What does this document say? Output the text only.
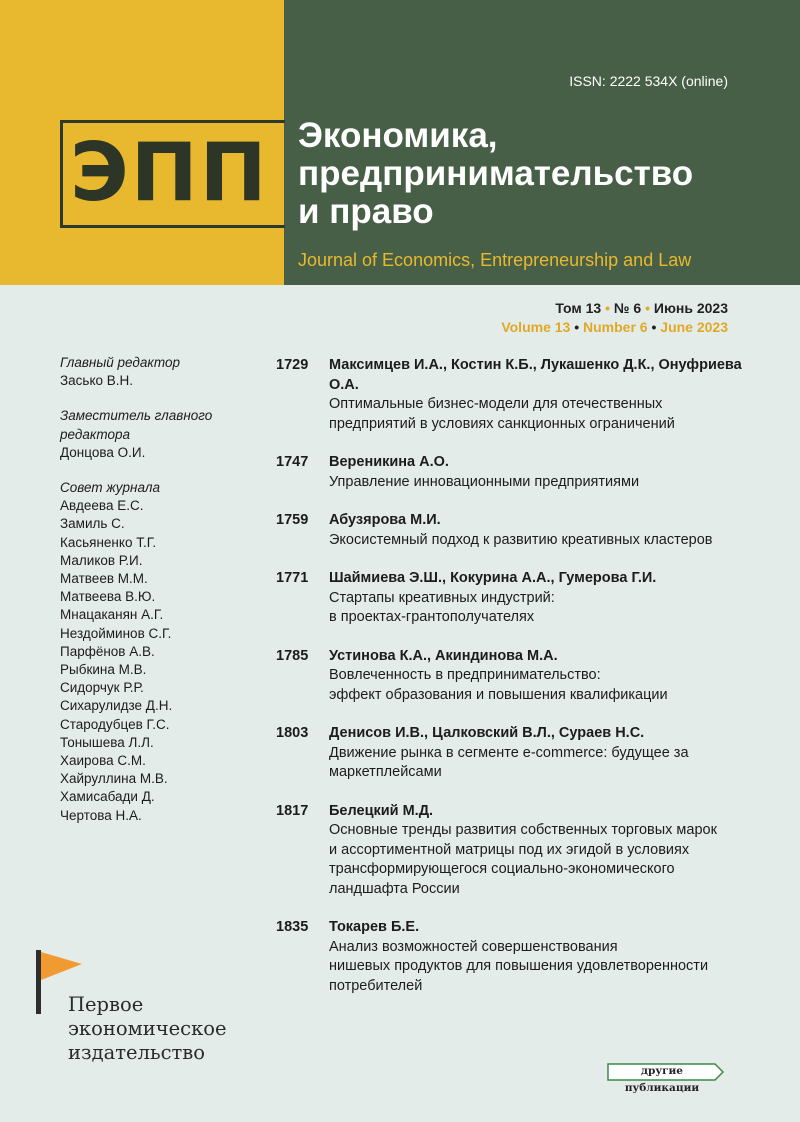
ЭПП
ISSN: 2222 534X (online)
Экономика,
предпринимательство
и право
Journal of Economics, Entrepreneurship and Law
Том 13 • № 6 • Июнь 2023
Volume 13 • Number 6 • June 2023
Главный редактор
Засько В.Н.
Заместитель главного редактора
Донцова О.И.
Совет журнала
Авдеева Е.С.
Замиль С.
Касьяненко Т.Г.
Маликов Р.И.
Матвеев М.М.
Матвеева В.Ю.
Мнацаканян А.Г.
Нездойминов С.Г.
Парфёнов А.В.
Рыбкина М.В.
Сидорчук Р.Р.
Сихарулидзе Д.Н.
Стародубцев Г.С.
Тонышева Л.Л.
Хаирова С.М.
Хайруллина М.В.
Хамисабади Д.
Чертова Н.А.
1729 Максимцев И.А., Костин К.Б., Лукашенко Д.К., Онуфриева О.А.
Оптимальные бизнес-модели для отечественных
предприятий в условиях санкционных ограничений
1747 Верeникина А.О.
Управление инновационными предприятиями
1759 Абузярова М.И.
Экосистемный подход к развитию креативных кластеров
1771 Шаймиева Э.Ш., Кокурина А.А., Гумерова Г.И.
Стартапы креативных индустрий:
в проектах-грантополучателях
1785 Устинова К.А., Акиндинова М.А.
Вовлеченность в предпринимательство:
эффект образования и повышения квалификации
1803 Денисов И.В., Цалковский В.Л., Сураев Н.С.
Движение рынка в сегменте e-commerce: будущее за
маркетплейсами
1817 Белецкий М.Д.
Основные тренды развития собственных торговых марок
и ассортиментной матрицы под их эгидой в условиях
трансформирующегося социально-экономического
ландшафта России
1835 Токарев Б.Е.
Анализ возможностей совершенствования
нишевых продуктов для повышения удовлетворенности
потребителей
Первое
экономическое
издательство
другие публикации
